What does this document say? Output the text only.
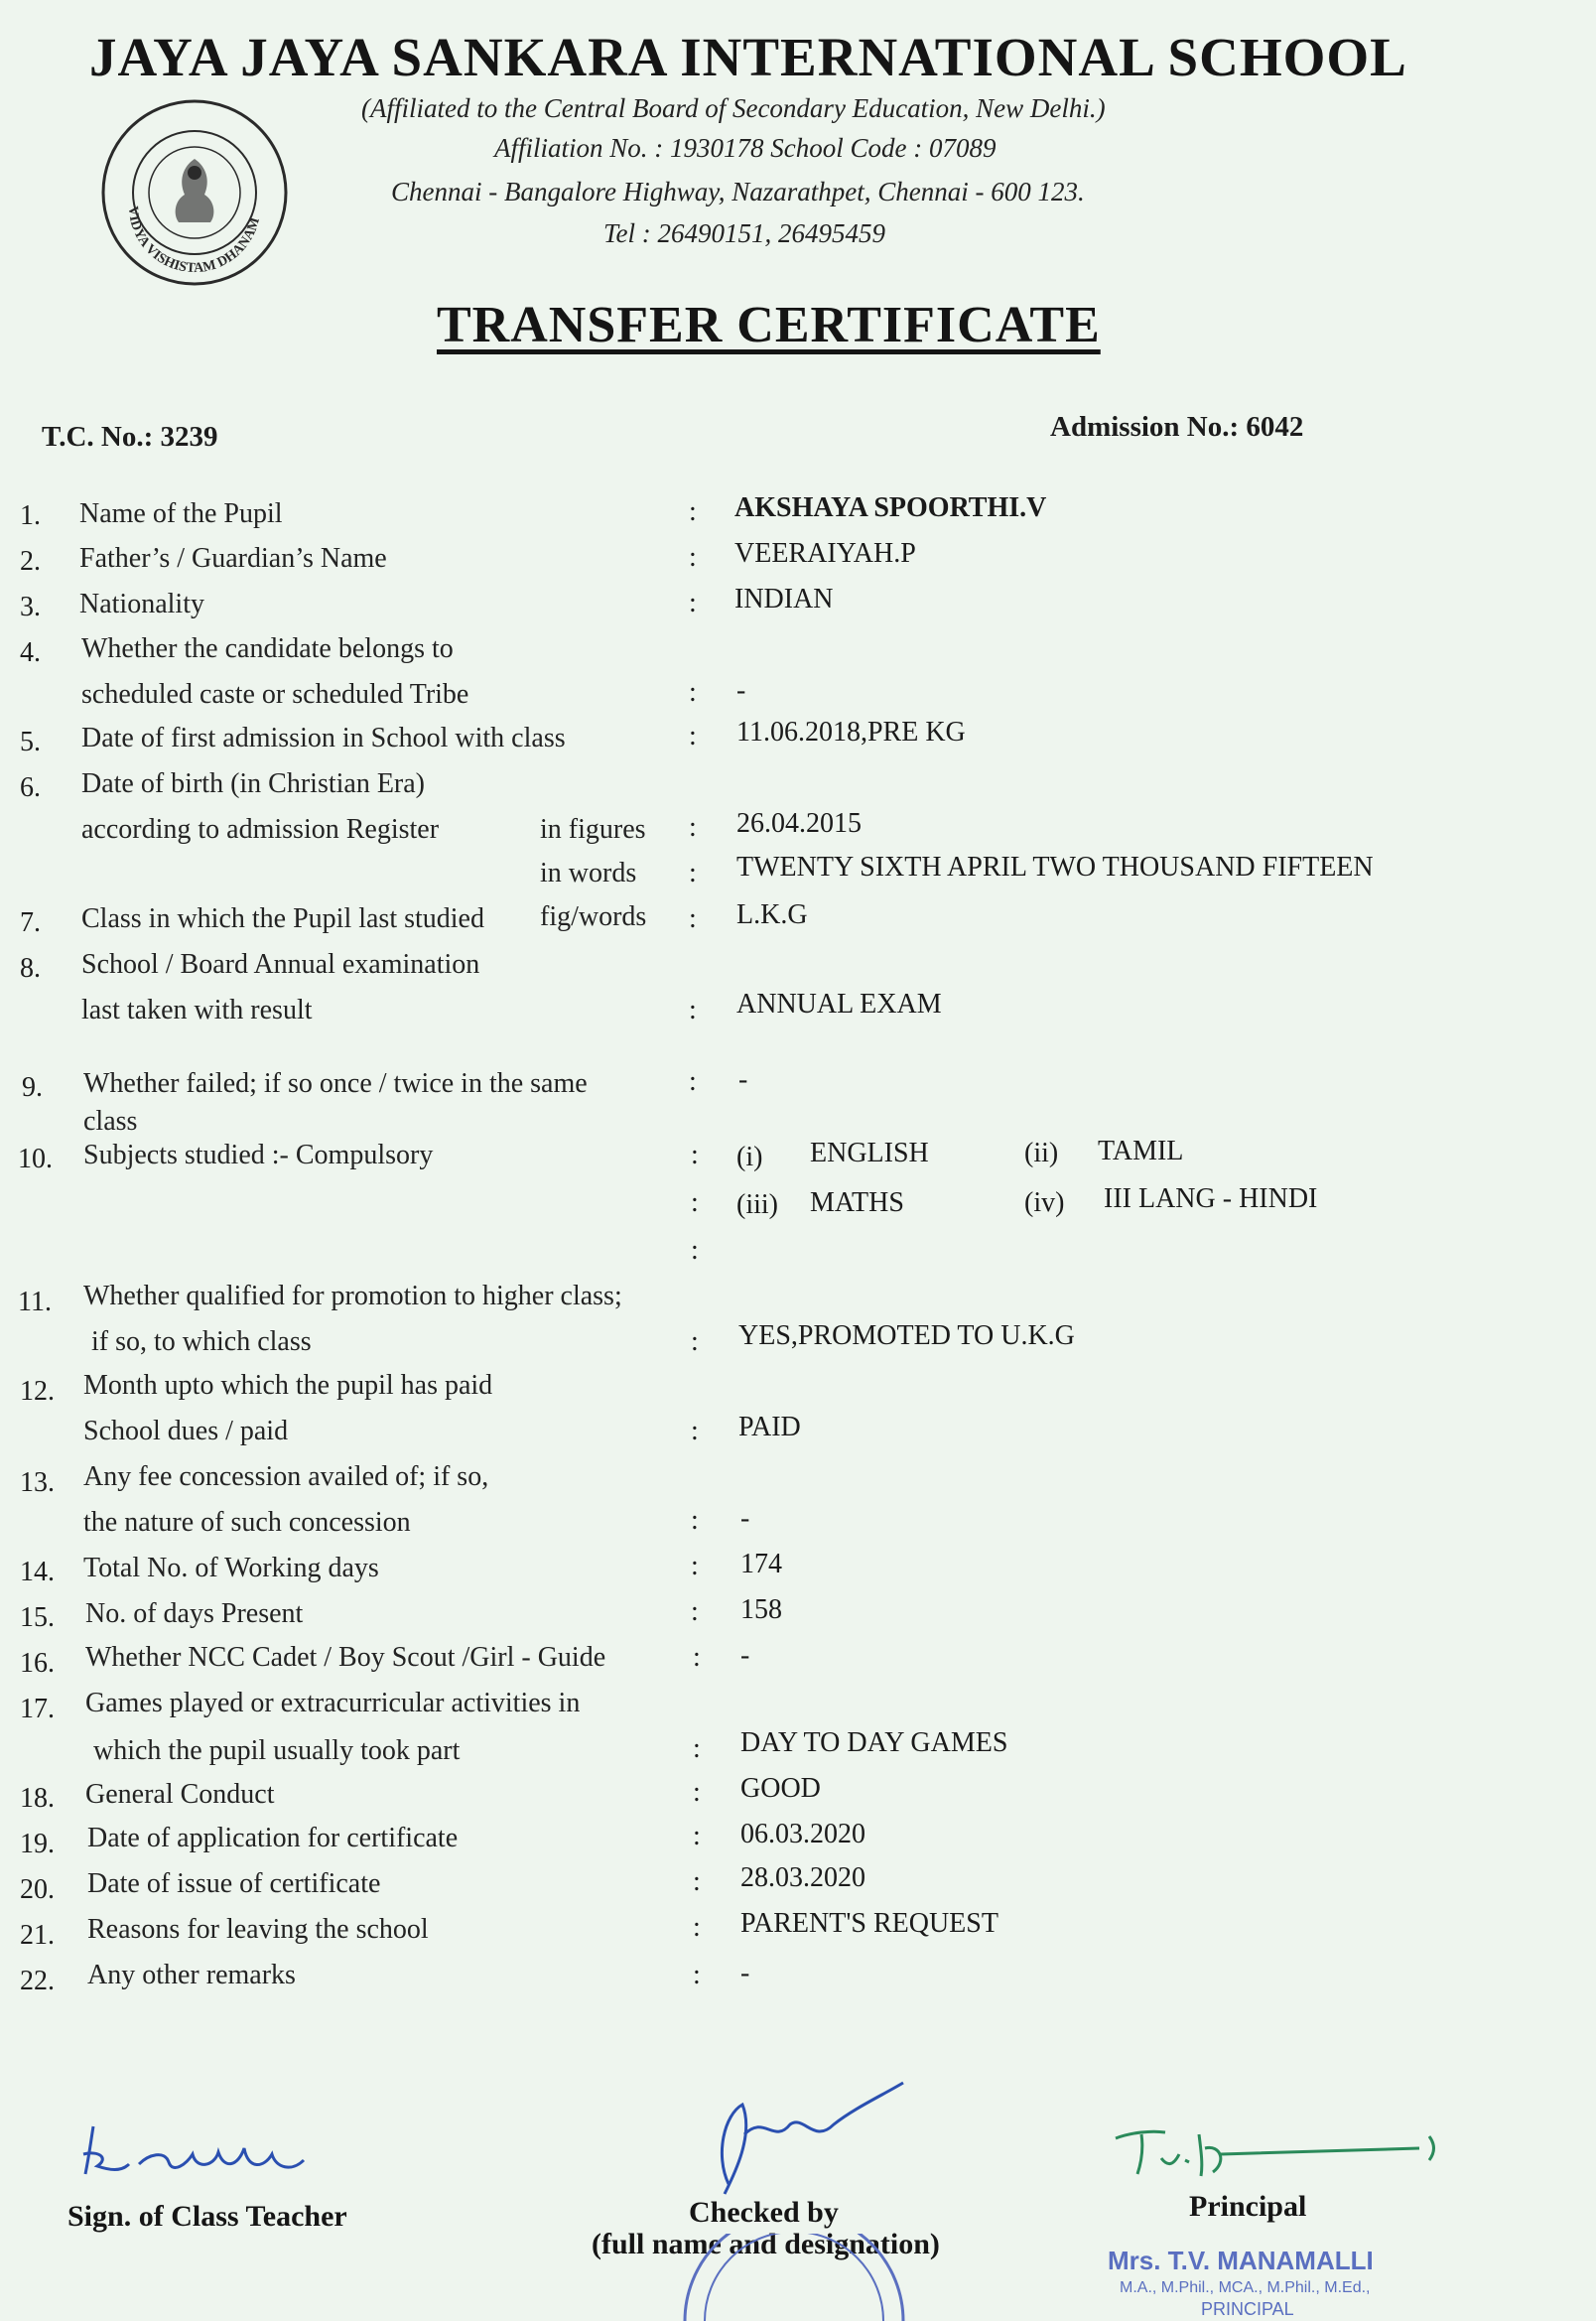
JAYA JAYA SANKARA INTERNATIONAL SCHOOL
VIDYA VISHISTAM DHANAM
(Affiliated to the Central Board of Secondary Education, New Delhi.)
Affiliation No. : 1930178 School Code : 07089
Chennai - Bangalore Highway, Nazarathpet, Chennai - 600 123.
Tel : 26490151, 26495459
TRANSFER CERTIFICATE
T.C. No.: 3239	Admission No.: 6042
1. Name of the Pupil	: AKSHAYA SPOORTHI.V
2. Father’s / Guardian’s Name	: VEERAIYAH.P
3. Nationality	: INDIAN
4. Whether the candidate belongs to
scheduled caste or scheduled Tribe	: -
5. Date of first admission in School with class	: 11.06.2018,PRE KG
6. Date of birth (in Christian Era)
according to admission Register	in figures : 26.04.2015
in words : TWENTY SIXTH APRIL TWO THOUSAND FIFTEEN
7. Class in which the Pupil last studied fig/words : L.K.G
8. School / Board Annual examination
last taken with result	: ANNUAL EXAM
9. Whether failed; if so once / twice in the same
class
: -
10. Subjects studied :- Compulsory	: (i) ENGLISH	(ii) TAMIL
: (iii) MATHS	(iv) III LANG - HINDI
:
11. Whether qualified for promotion to higher class;
if so, to which class	: YES,PROMOTED TO U.K.G
12. Month upto which the pupil has paid
School dues / paid	: PAID
13. Any fee concession availed of; if so,
the nature of such concession	: -
14. Total No. of Working days	: 174
15. No. of days Present	: 158
16. Whether NCC Cadet / Boy Scout /Girl - Guide	: -
17. Games played or extracurricular activities in
which the pupil usually took part	: DAY TO DAY GAMES
18. General Conduct	: GOOD
19. Date of application for certificate	: 06.03.2020
20. Date of issue of certificate	: 28.03.2020
21. Reasons for leaving the school	: PARENT'S REQUEST
22. Any other remarks	: -
Sign. of Class Teacher	Checked by
(full name and designation)
Principal
Mrs. T.V. MANAMALLI
M.A., M.Phil., MCA., M.Phil., M.Ed.,
PRINCIPAL
